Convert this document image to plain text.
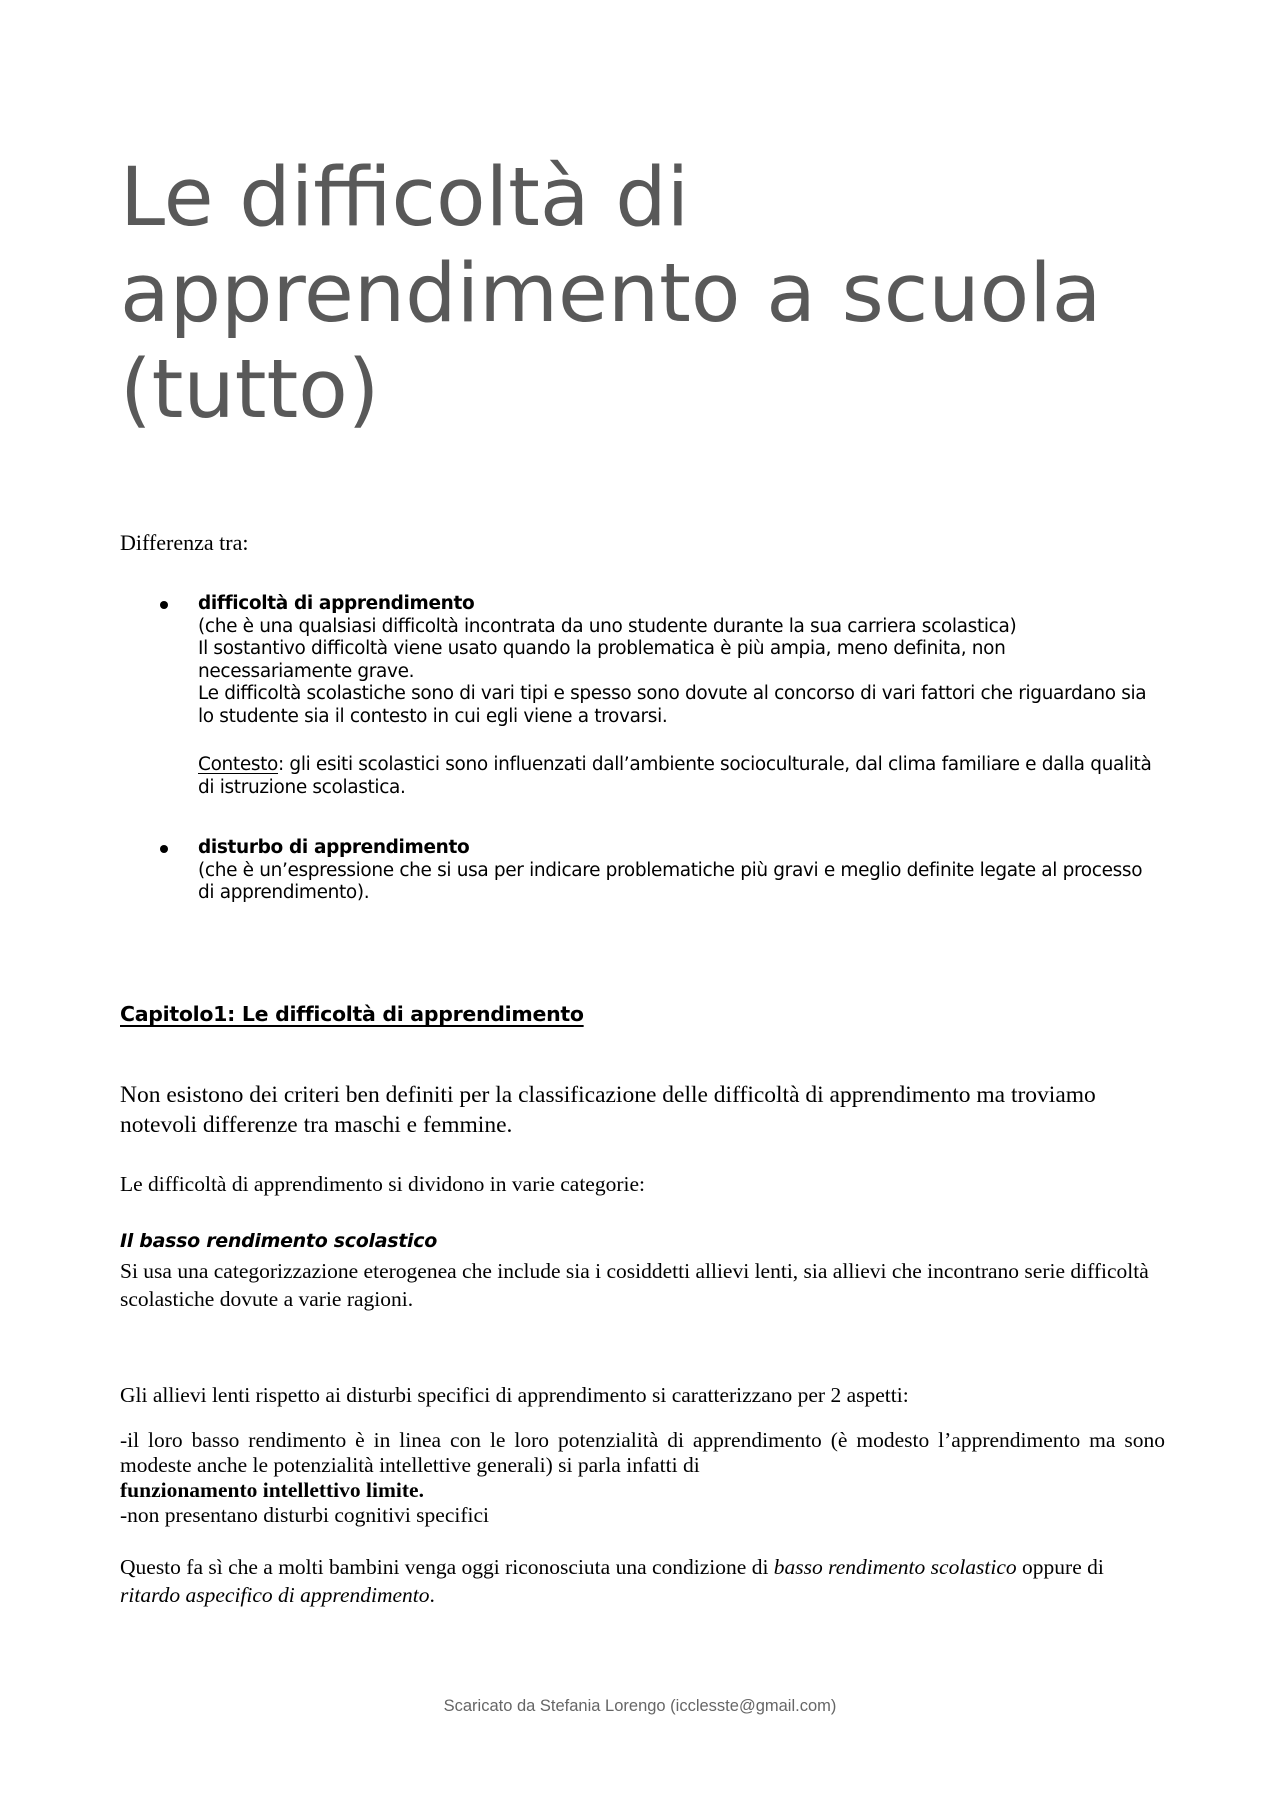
Le difficoltà di apprendimento a scuola (tutto)

Differenza tra:

difficoltà di apprendimento

(che è una qualsiasi difficoltà incontrata da uno studente durante la sua carriera scolastica)

Il sostantivo difficoltà viene usato quando la problematica è più ampia, meno definita, non necessariamente grave.

Le difficoltà scolastiche sono di vari tipi e spesso sono dovute al concorso di vari fattori che riguardano sia lo studente sia il contesto in cui egli viene a trovarsi.

Contesto: gli esiti scolastici sono influenzati dall’ambiente socioculturale, dal clima familiare e dalla qualità di istruzione scolastica.

disturbo di apprendimento

(che è un’espressione che si usa per indicare problematiche più gravi e meglio definite legate al processo di apprendimento).

Capitolo1: Le difficoltà di apprendimento

Non esistono dei criteri ben definiti per la classificazione delle difficoltà di apprendimento ma troviamo notevoli differenze tra maschi e femmine.

Le difficoltà di apprendimento si dividono in varie categorie:

Il basso rendimento scolastico

Si usa una categorizzazione eterogenea che include sia i cosiddetti allievi lenti, sia allievi che incontrano serie difficoltà scolastiche dovute a varie ragioni.

Gli allievi lenti rispetto ai disturbi specifici di apprendimento si caratterizzano per 2 aspetti:

-il loro basso rendimento è in linea con le loro potenzialità di apprendimento (è modesto l’apprendimento ma sono modeste anche le potenzialità intellettive generali) si parla infatti di
funzionamento intellettivo limite.
-non presentano disturbi cognitivi specifici

Questo fa sì che a molti bambini venga oggi riconosciuta una condizione di basso rendimento scolastico oppure di ritardo aspecifico di apprendimento.

Scaricato da Stefania Lorengo (icclesste@gmail.com)
